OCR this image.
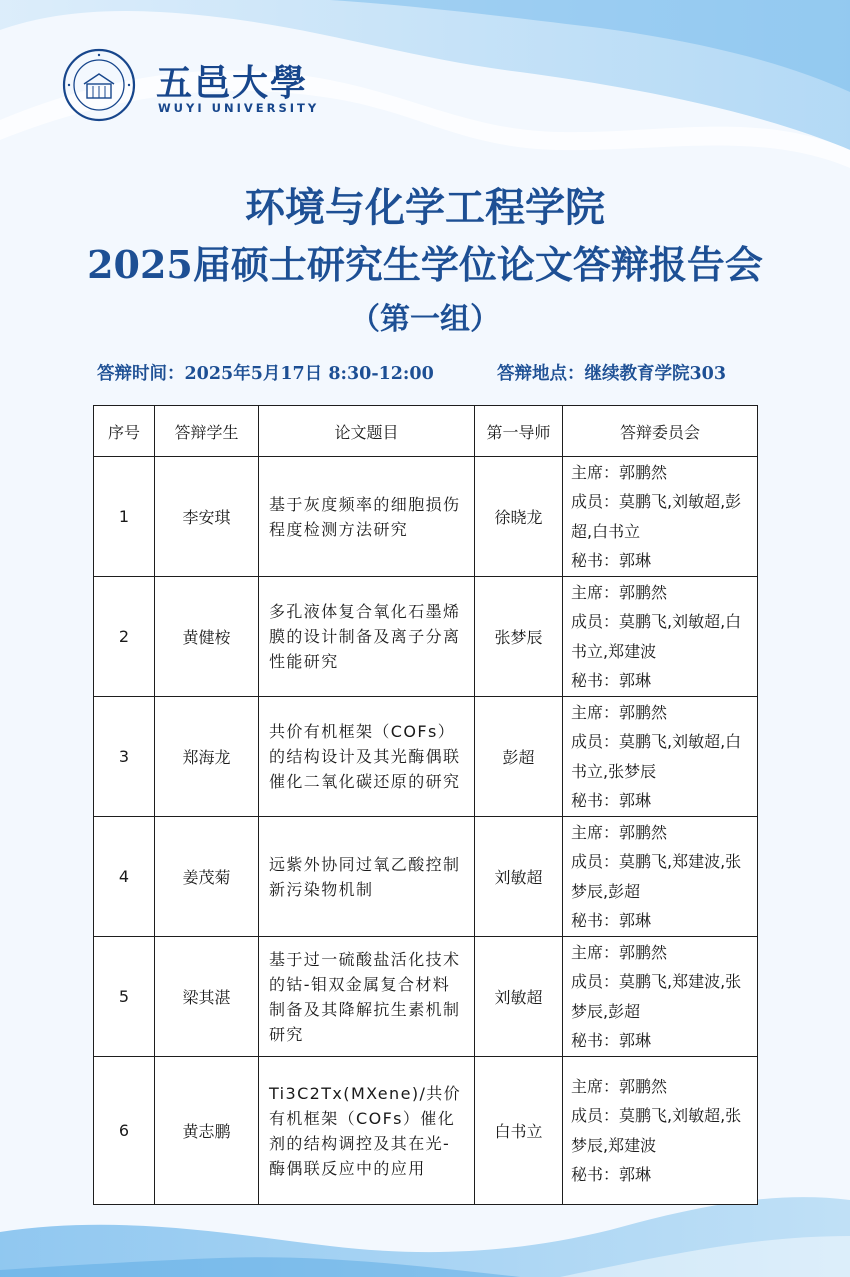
五邑大學
WUYI UNIVERSITY
环境与化学工程学院
2025届硕士研究生学位论文答辩报告会
（第一组）
答辩时间：2025年5月17日 8:30-12:00	答辩地点：继续教育学院303
序号	答辩学生	论文题目	第一导师	答辩委员会
1	李安琪	基于灰度频率的细胞损伤程度检测方法研究	徐晓龙	主席：郭鹏然
成员：莫鹏飞,刘敏超,彭超,白书立
秘书：郭琳

2	黄健桉	多孔液体复合氧化石墨烯膜的设计制备及离子分离性能研究	张梦辰	主席：郭鹏然
成员：莫鹏飞,刘敏超,白书立,郑建波
秘书：郭琳

3	郑海龙	共价有机框架（COFs）的结构设计及其光酶偶联催化二氧化碳还原的研究	彭超	主席：郭鹏然
成员：莫鹏飞,刘敏超,白书立,张梦辰
秘书：郭琳

4	姜茂菊	远紫外协同过氧乙酸控制新污染物机制	刘敏超	主席：郭鹏然
成员：莫鹏飞,郑建波,张梦辰,彭超
秘书：郭琳

5	梁其湛	基于过一硫酸盐活化技术的钴-钼双金属复合材料制备及其降解抗生素机制研究	刘敏超	主席：郭鹏然
成员：莫鹏飞,郑建波,张梦辰,彭超
秘书：郭琳

6	黄志鹏	Ti3C2Tx(MXene)/共价有机框架（COFs）催化剂的结构调控及其在光-酶偶联反应中的应用	白书立	主席：郭鹏然
成员：莫鹏飞,刘敏超,张梦辰,郑建波
秘书：郭琳
